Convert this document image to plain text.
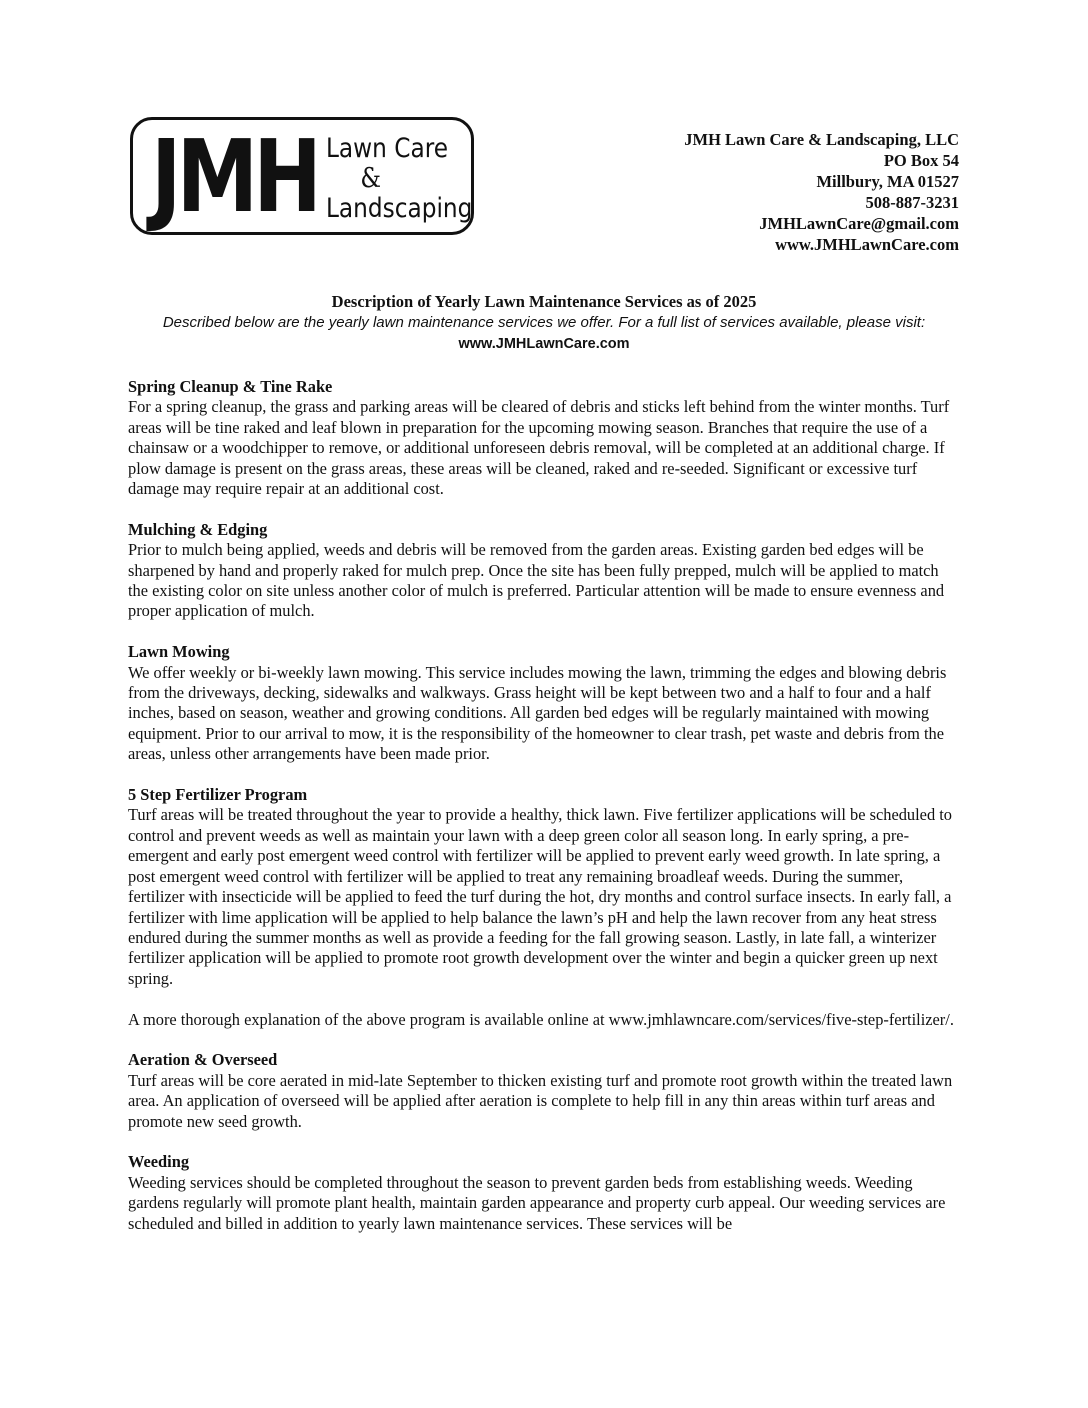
JMH Lawn Care
&
Landscaping
JMH Lawn Care & Landscaping, LLC
PO Box 54
Millbury, MA 01527
508-887-3231
JMHLawnCare@gmail.com
www.JMHLawnCare.com
Description of Yearly Lawn Maintenance Services as of 2025
Described below are the yearly lawn maintenance services we offer. For a full list of services available, please visit:
www.JMHLawnCare.com
Spring Cleanup & Tine Rake

For a spring cleanup, the grass and parking areas will be cleared of debris and sticks left behind from the winter months. Turf areas will be tine raked and leaf blown in preparation for the upcoming mowing season. Branches that require the use of a chainsaw or a woodchipper to remove, or additional unforeseen debris removal, will be completed at an additional charge. If plow damage is present on the grass areas, these areas will be cleaned, raked and re-seeded. Significant or excessive turf damage may require repair at an additional cost.

Mulching & Edging

Prior to mulch being applied, weeds and debris will be removed from the garden areas. Existing garden bed edges will be sharpened by hand and properly raked for mulch prep. Once the site has been fully prepped, mulch will be applied to match the existing color on site unless another color of mulch is preferred. Particular attention will be made to ensure evenness and proper application of mulch.

Lawn Mowing

We offer weekly or bi-weekly lawn mowing. This service includes mowing the lawn, trimming the edges and blowing debris from the driveways, decking, sidewalks and walkways. Grass height will be kept between two and a half to four and a half inches, based on season, weather and growing conditions. All garden bed edges will be regularly maintained with mowing equipment. Prior to our arrival to mow, it is the responsibility of the homeowner to clear trash, pet waste and debris from the areas, unless other arrangements have been made prior.

5 Step Fertilizer Program

Turf areas will be treated throughout the year to provide a healthy, thick lawn. Five fertilizer applications will be scheduled to control and prevent weeds as well as maintain your lawn with a deep green color all season long. In early spring, a pre-emergent and early post emergent weed control with fertilizer will be applied to prevent early weed growth. In late spring, a post emergent weed control with fertilizer will be applied to treat any remaining broadleaf weeds. During the summer, fertilizer with insecticide will be applied to feed the turf during the hot, dry months and control surface insects. In early fall, a fertilizer with lime application will be applied to help balance the lawn’s pH and help the lawn recover from any heat stress endured during the summer months as well as provide a feeding for the fall growing season. Lastly, in late fall, a winterizer fertilizer application will be applied to promote root growth development over the winter and begin a quicker green up next spring.

A more thorough explanation of the above program is available online at www.jmhlawncare.com/services/five-step-fertilizer/.

Aeration & Overseed

Turf areas will be core aerated in mid-late September to thicken existing turf and promote root growth within the treated lawn area. An application of overseed will be applied after aeration is complete to help fill in any thin areas within turf areas and promote new seed growth.

Weeding

Weeding services should be completed throughout the season to prevent garden beds from establishing weeds. Weeding gardens regularly will promote plant health, maintain garden appearance and property curb appeal. Our weeding services are scheduled and billed in addition to yearly lawn maintenance services. These services will be
